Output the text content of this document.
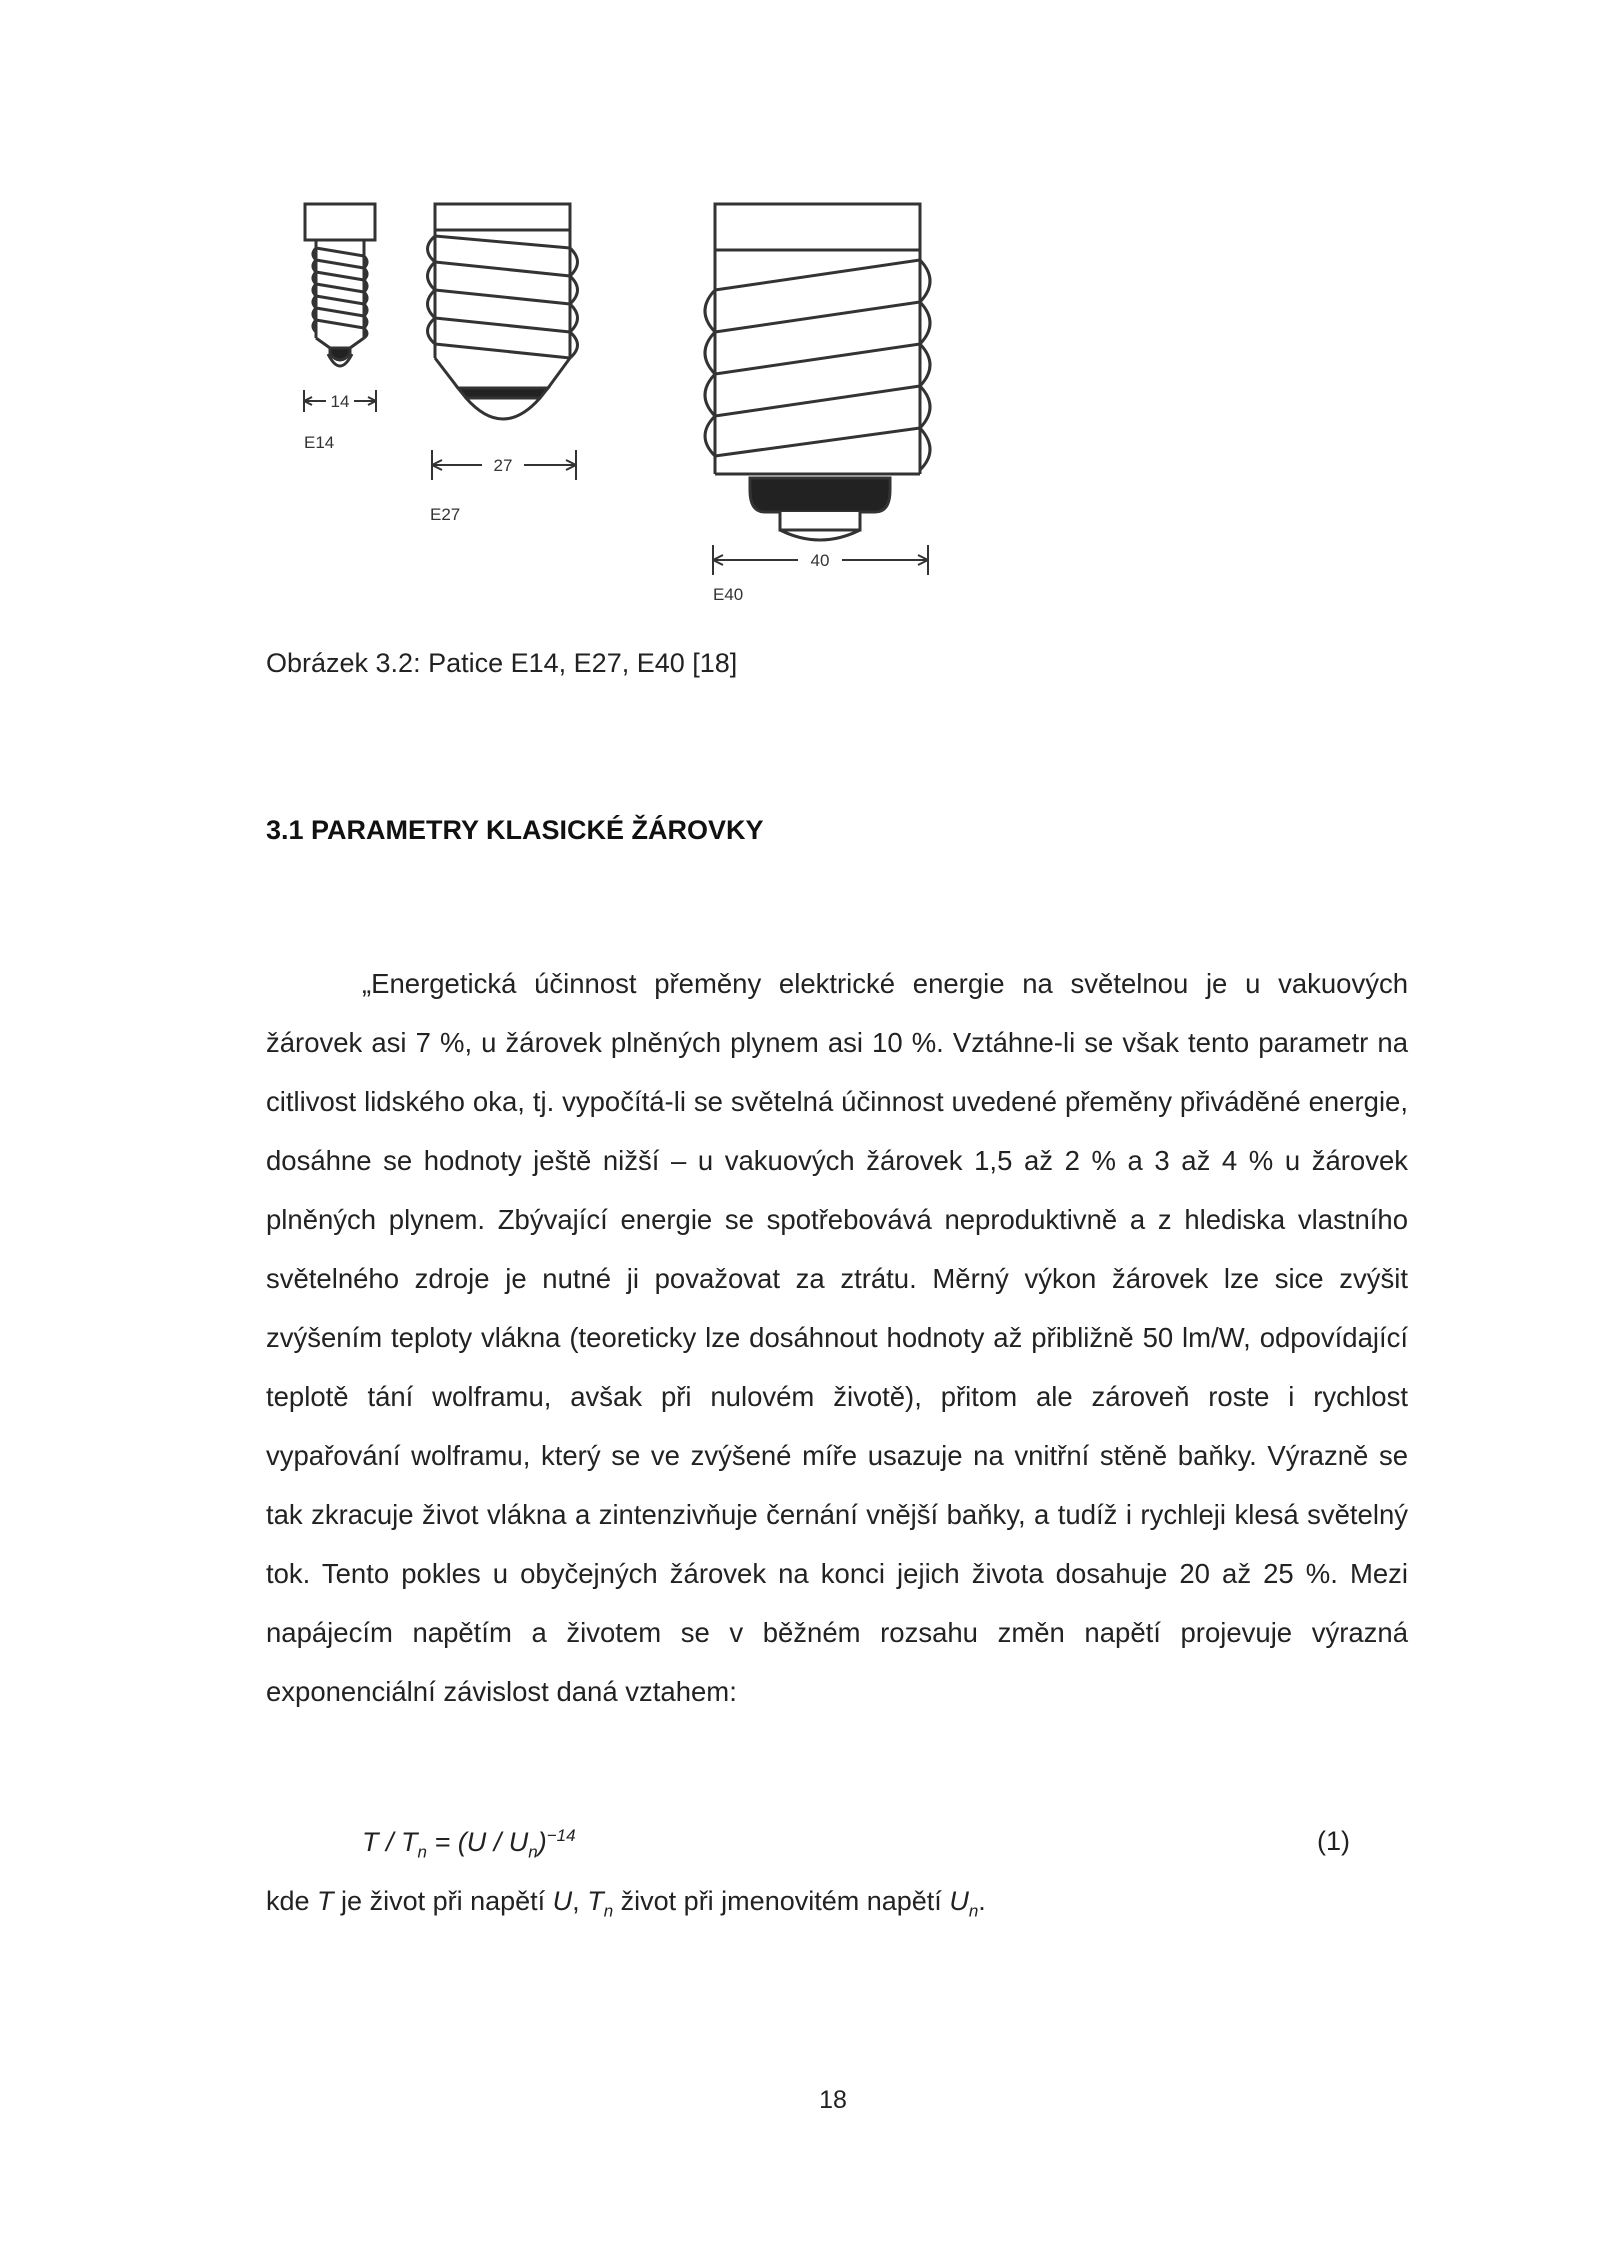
14
E14
27
E27
40
E40
Obrázek 3.2: Patice E14, E27, E40 [18]
3.1 PARAMETRY KLASICKÉ ŽÁROVKY

„Energetická účinnost přeměny elektrické energie na světelnou je u vakuových žárovek asi 7 %, u žárovek plněných plynem asi 10 %. Vztáhne-li se však tento parametr na citlivost lidského oka, tj. vypočítá-li se světelná účinnost uvedené přeměny přiváděné energie, dosáhne se hodnoty ještě nižší – u vakuových žárovek 1,5 až 2 % a 3 až 4 % u žárovek plněných plynem. Zbývající energie se spotřebovává neproduktivně a z hlediska vlastního světelného zdroje je nutné ji považovat za ztrátu. Měrný výkon žárovek lze sice zvýšit zvýšením teploty vlákna (teoreticky lze dosáhnout hodnoty až přibližně 50 lm/W, odpovídající teplotě tání wolframu, avšak při nulovém životě), přitom ale zároveň roste i rychlost vypařování wolframu, který se ve zvýšené míře usazuje na vnitřní stěně baňky. Výrazně se tak zkracuje život vlákna a zintenzivňuje černání vnější baňky, a tudíž i rychleji klesá světelný tok. Tento pokles u obyčejných žárovek na konci jejich života dosahuje 20 až 25 %. Mezi napájecím napětím a životem se v běžném rozsahu změn napětí projevuje výrazná exponenciální závislost daná vztahem:

$T / T_n = (U / U_n)^{-14}$	(1)
kde T je život při napětí U, $T_n$ život při jmenovitém napětí $U_n$.
18
